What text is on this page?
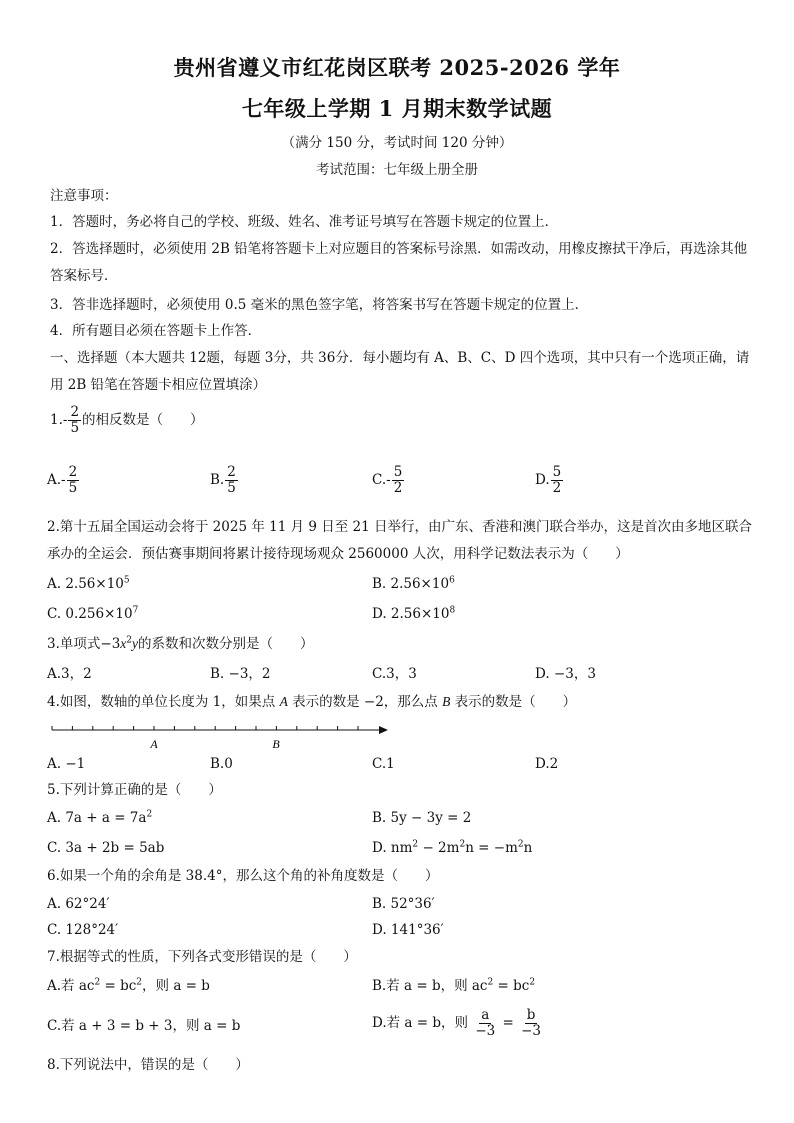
贵州省遵义市红花岗区联考 2025-2026 学年
七年级上学期 1 月期末数学试题
（满分 150 分，考试时间 120 分钟）
考试范围：七年级上册全册
注意事项：
1．答题时，务必将自己的学校、班级、姓名、准考证号填写在答题卡规定的位置上．
2．答选择题时，必须使用 2B 铅笔将答题卡上对应题目的答案标号涂黑．如需改动，用橡皮擦拭干净后，再选涂其他答案标号．
3．答非选择题时，必须使用 0.5 毫米的黑色签字笔，将答案书写在答题卡规定的位置上．
4．所有题目必须在答题卡上作答．
一、选择题（本大题共 12题，每题 3分，共 36分．每小题均有 A、B、C、D 四个选项，其中只有一个选项正确，请用 2B 铅笔在答题卡相应位置填涂）
$1.- \frac{2}{5}$ 的相反数是（　　）
$A.- \frac{2}{5}$	B. $\frac{2}{5}$	$C.- \frac{5}{2}$	D. $\frac{5}{2}$
2.第十五届全国运动会将于 2025 年 11 月 9 日至 21 日举行，由广东、香港和澳门联合举办，这是首次由多地区联合承办的全运会．预估赛事期间将累计接待现场观众 2560000 人次，用科学记数法表示为（　　）
A. $2.56\times 10^5$	B. $2.56\times 10^6$
C. $0.256\times 10^7$	D. $2.56\times 10^8$
3.单项式$-3x^2y$的系数和次数分别是（　　）
A.3，2	B. −3，2	C.3，3	D. −3，3
4.如图，数轴的单位长度为 1，如果点 A 表示的数是 −2，那么点 B 表示的数是（　　）
A	B
A. −1	B.0	C.1	D.2
5.下列计算正确的是（　　）
A. $7a + a = 7a^2$	B. 5y − 3y = 2
C. 3a + 2b = 5ab	D. $nm^2 - 2m^2n = -m^2n$
6.如果一个角的余角是 38.4°，那么这个角的补角度数是（　　）
A. 62°24′	B. 52°36′
C. 128°24′	D. 141°36′
7.根据等式的性质，下列各式变形错误的是（　　）
A.若 $ac^2 = bc^2$，则 a = b	B.若 a = b，则 $ac^2 = bc^2$
C.若 a + 3 = b + 3，则 a = b	D.若 a = b，则 $\frac{a}{-3} = \frac{b}{-3}$
8.下列说法中，错误的是（　　）
